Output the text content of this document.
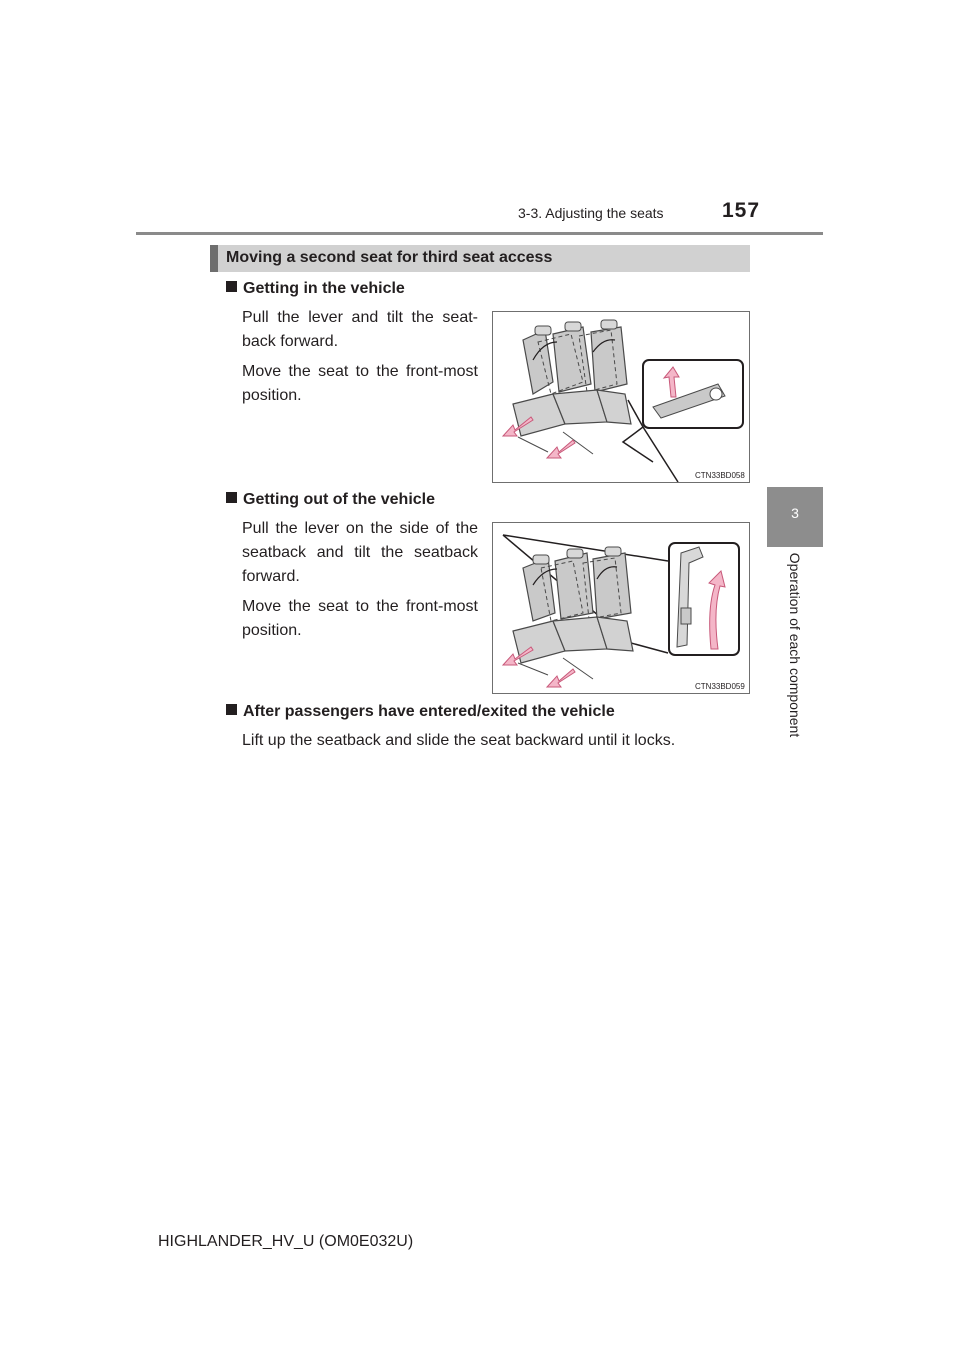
3-3. Adjusting the seats	157
3
Operation of each component
Moving a second seat for third seat access
Getting in the vehicle
Pull the lever and tilt the seat-back forward.
Move the seat to the front-most position.
CTN33BD058
Getting out of the vehicle
Pull the lever on the side of the seatback and tilt the seatback forward.
Move the seat to the front-most position.
CTN33BD059
After passengers have entered/exited the vehicle
Lift up the seatback and slide the seat backward until it locks.
HIGHLANDER_HV_U (OM0E032U)
